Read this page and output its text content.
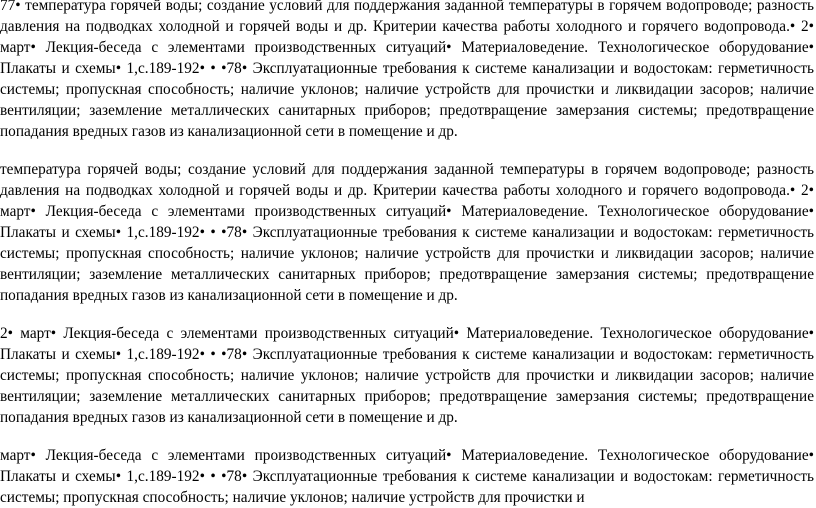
77• температура горячей воды; создание условий для поддержания заданной температуры в горячем водопроводе; разность давления на подводках холодной и горячей воды и др. Критерии качества работы холодного и горячего водопровода.• 2• март• Лекция-беседа с элементами производственных ситуаций• Материаловедение. Технологическое оборудование• Плакаты и схемы• 1,с.189-192• • •78• Эксплуатационные требования к системе канализации и водостокам: герметичность системы; пропускная способность; наличие уклонов; наличие устройств для прочистки и ликвидации засоров; наличие вентиляции; заземление металлических санитарных приборов; предотвращение замерзания системы; предотвращение попадания вредных газов из канализационной сети в помещение и др.

температура горячей воды; создание условий для поддержания заданной температуры в горячем водопроводе; разность давления на подводках холодной и горячей воды и др. Критерии качества работы холодного и горячего водопровода.• 2• март• Лекция-беседа с элементами производственных ситуаций• Материаловедение. Технологическое оборудование• Плакаты и схемы• 1,с.189-192• • •78• Эксплуатационные требования к системе канализации и водостокам: герметичность системы; пропускная способность; наличие уклонов; наличие устройств для прочистки и ликвидации засоров; наличие вентиляции; заземление металлических санитарных приборов; предотвращение замерзания системы; предотвращение попадания вредных газов из канализационной сети в помещение и др.

2• март• Лекция-беседа с элементами производственных ситуаций• Материаловедение. Технологическое оборудование• Плакаты и схемы• 1,с.189-192• • •78• Эксплуатационные требования к системе канализации и водостокам: герметичность системы; пропускная способность; наличие уклонов; наличие устройств для прочистки и ликвидации засоров; наличие вентиляции; заземление металлических санитарных приборов; предотвращение замерзания системы; предотвращение попадания вредных газов из канализационной сети в помещение и др.

март• Лекция-беседа с элементами производственных ситуаций• Материаловедение. Технологическое оборудование• Плакаты и схемы• 1,с.189-192• • •78• Эксплуатационные требования к системе канализации и водостокам: герметичность системы; пропускная способность; наличие уклонов; наличие устройств для прочистки и
